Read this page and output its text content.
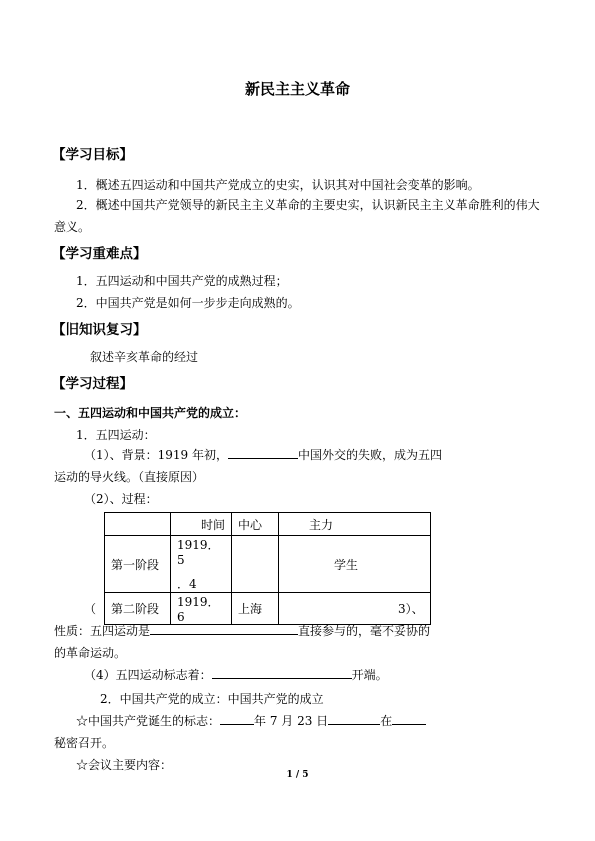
新民主主义革命
【学习目标】
1．概述五四运动和中国共产党成立的史实，认识其对中国社会变革的影响。
2．概述中国共产党领导的新民主主义革命的主要史实，认识新民主主义革命胜利的伟大
意义。
【学习重难点】
1．五四运动和中国共产党的成熟过程；
2．中国共产党是如何一步步走向成熟的。
【旧知识复习】
叙述辛亥革命的经过
【学习过程】
一、五四运动和中国共产党的成立：
1．五四运动：
（1）、背景：1919 年初，	中国外交的失败，成为五四
运动的导火线。（直接原因）
（2）、过程：
	时间	中心	主力
第一阶段	1919．5
．4		学生
第二阶段	1919．6	上海	
（	3）、
性质：五四运动是	直接参与的，毫不妥协的
的革命运动。
（4）五四运动标志着：	开端。
2．中国共产党的成立：中国共产党的成立
☆中国共产党诞生的标志：	年 7 月 23 日	在
秘密召开。
☆会议主要内容：
1 / 5
